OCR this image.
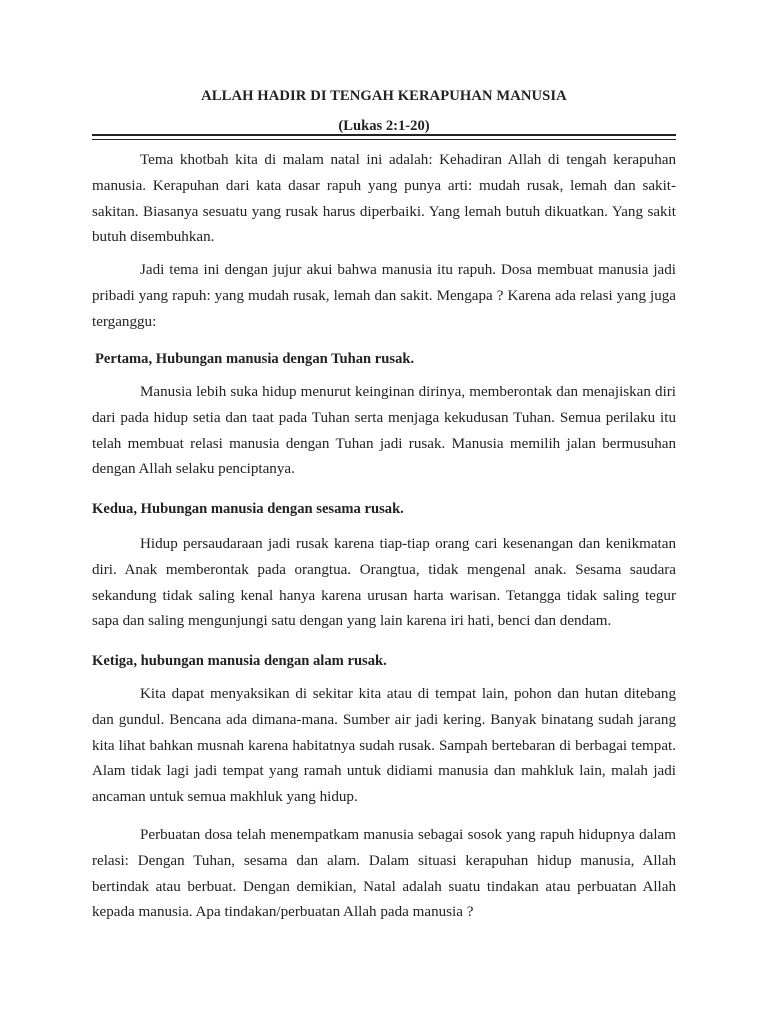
ALLAH HADIR DI TENGAH KERAPUHAN MANUSIA

(Lukas 2:1-20)

Tema khotbah kita di malam natal ini adalah: Kehadiran Allah di tengah kerapuhan manusia. Kerapuhan dari kata dasar rapuh yang punya arti: mudah rusak, lemah dan sakit-sakitan. Biasanya sesuatu yang rusak harus diperbaiki. Yang lemah butuh dikuatkan. Yang sakit butuh disembuhkan.

Jadi tema ini dengan jujur akui bahwa manusia itu rapuh. Dosa membuat manusia jadi pribadi yang rapuh: yang mudah rusak, lemah dan sakit. Mengapa ? Karena ada relasi yang juga terganggu:

Pertama, Hubungan manusia dengan Tuhan rusak.

Manusia lebih suka hidup menurut keinginan dirinya, memberontak dan menajiskan diri dari pada hidup setia dan taat pada Tuhan serta menjaga kekudusan Tuhan. Semua perilaku itu telah membuat relasi manusia dengan Tuhan jadi rusak. Manusia memilih jalan bermusuhan dengan Allah selaku penciptanya.

Kedua, Hubungan manusia dengan sesama rusak.

Hidup persaudaraan jadi rusak karena tiap-tiap orang cari kesenangan dan kenikmatan diri. Anak memberontak pada orangtua. Orangtua, tidak mengenal anak. Sesama saudara sekandung tidak saling kenal hanya karena urusan harta warisan. Tetangga tidak saling tegur sapa dan saling mengunjungi satu dengan yang lain karena iri hati, benci dan dendam.

Ketiga, hubungan manusia dengan alam rusak.

Kita dapat menyaksikan di sekitar kita atau di tempat lain, pohon dan hutan ditebang dan gundul. Bencana ada dimana-mana. Sumber air jadi kering. Banyak binatang sudah jarang kita lihat bahkan musnah karena habitatnya sudah rusak. Sampah bertebaran di berbagai tempat. Alam tidak lagi jadi tempat yang ramah untuk didiami manusia dan mahkluk lain, malah jadi ancaman untuk semua makhluk yang hidup.

Perbuatan dosa telah menempatkam manusia sebagai sosok yang rapuh hidupnya dalam relasi: Dengan Tuhan, sesama dan alam. Dalam situasi kerapuhan hidup manusia, Allah bertindak atau berbuat. Dengan demikian, Natal adalah suatu tindakan atau perbuatan Allah kepada manusia. Apa tindakan/perbuatan Allah pada manusia ?
